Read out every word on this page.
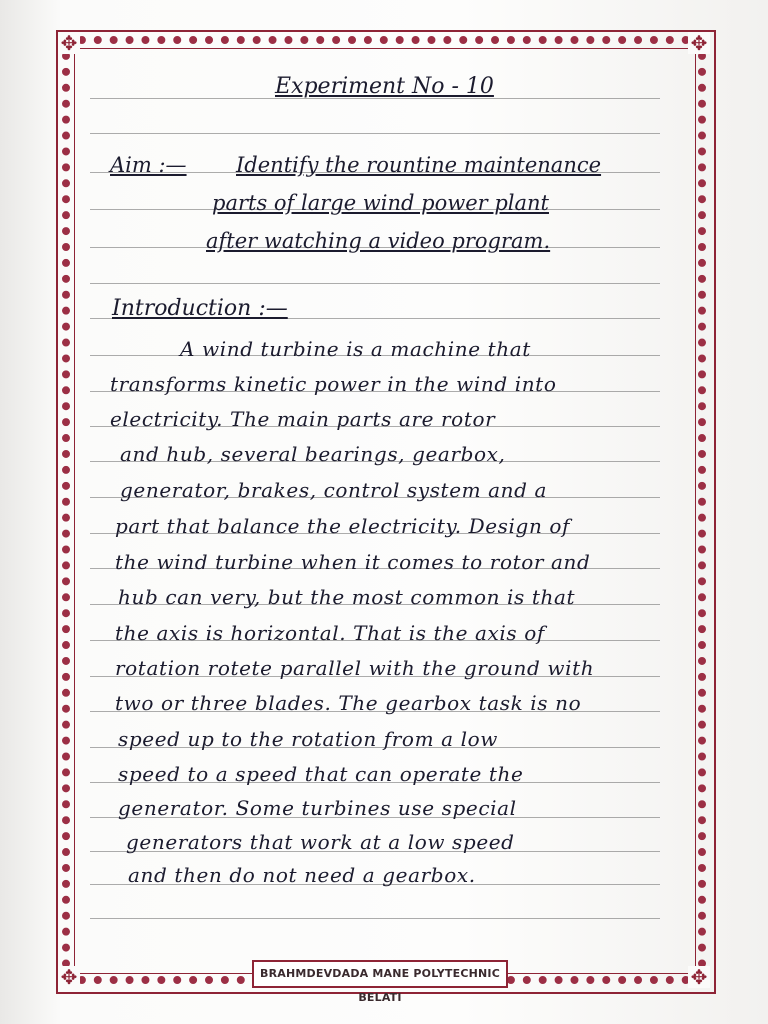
✥	✥
✥	✥
Experiment No - 10
Aim :— Identify the rountine maintenance
parts of large wind power plant
after watching a video program.
Introduction :—
A wind turbine is a machine that
transforms kinetic power in the wind into
electricity. The main parts are rotor
and hub, several bearings, gearbox,
generator, brakes, control system and a
part that balance the electricity. Design of
the wind turbine when it comes to rotor and
hub can very, but the most common is that
the axis is horizontal. That is the axis of
rotation rotete parallel with the ground with
two or three blades. The gearbox task is no
speed up to the rotation from a low
speed to a speed that can operate the
generator. Some turbines use special
generators that work at a low speed
and then do not need a gearbox.
BRAHMDEVDADA MANE POLYTECHNIC BELATI
